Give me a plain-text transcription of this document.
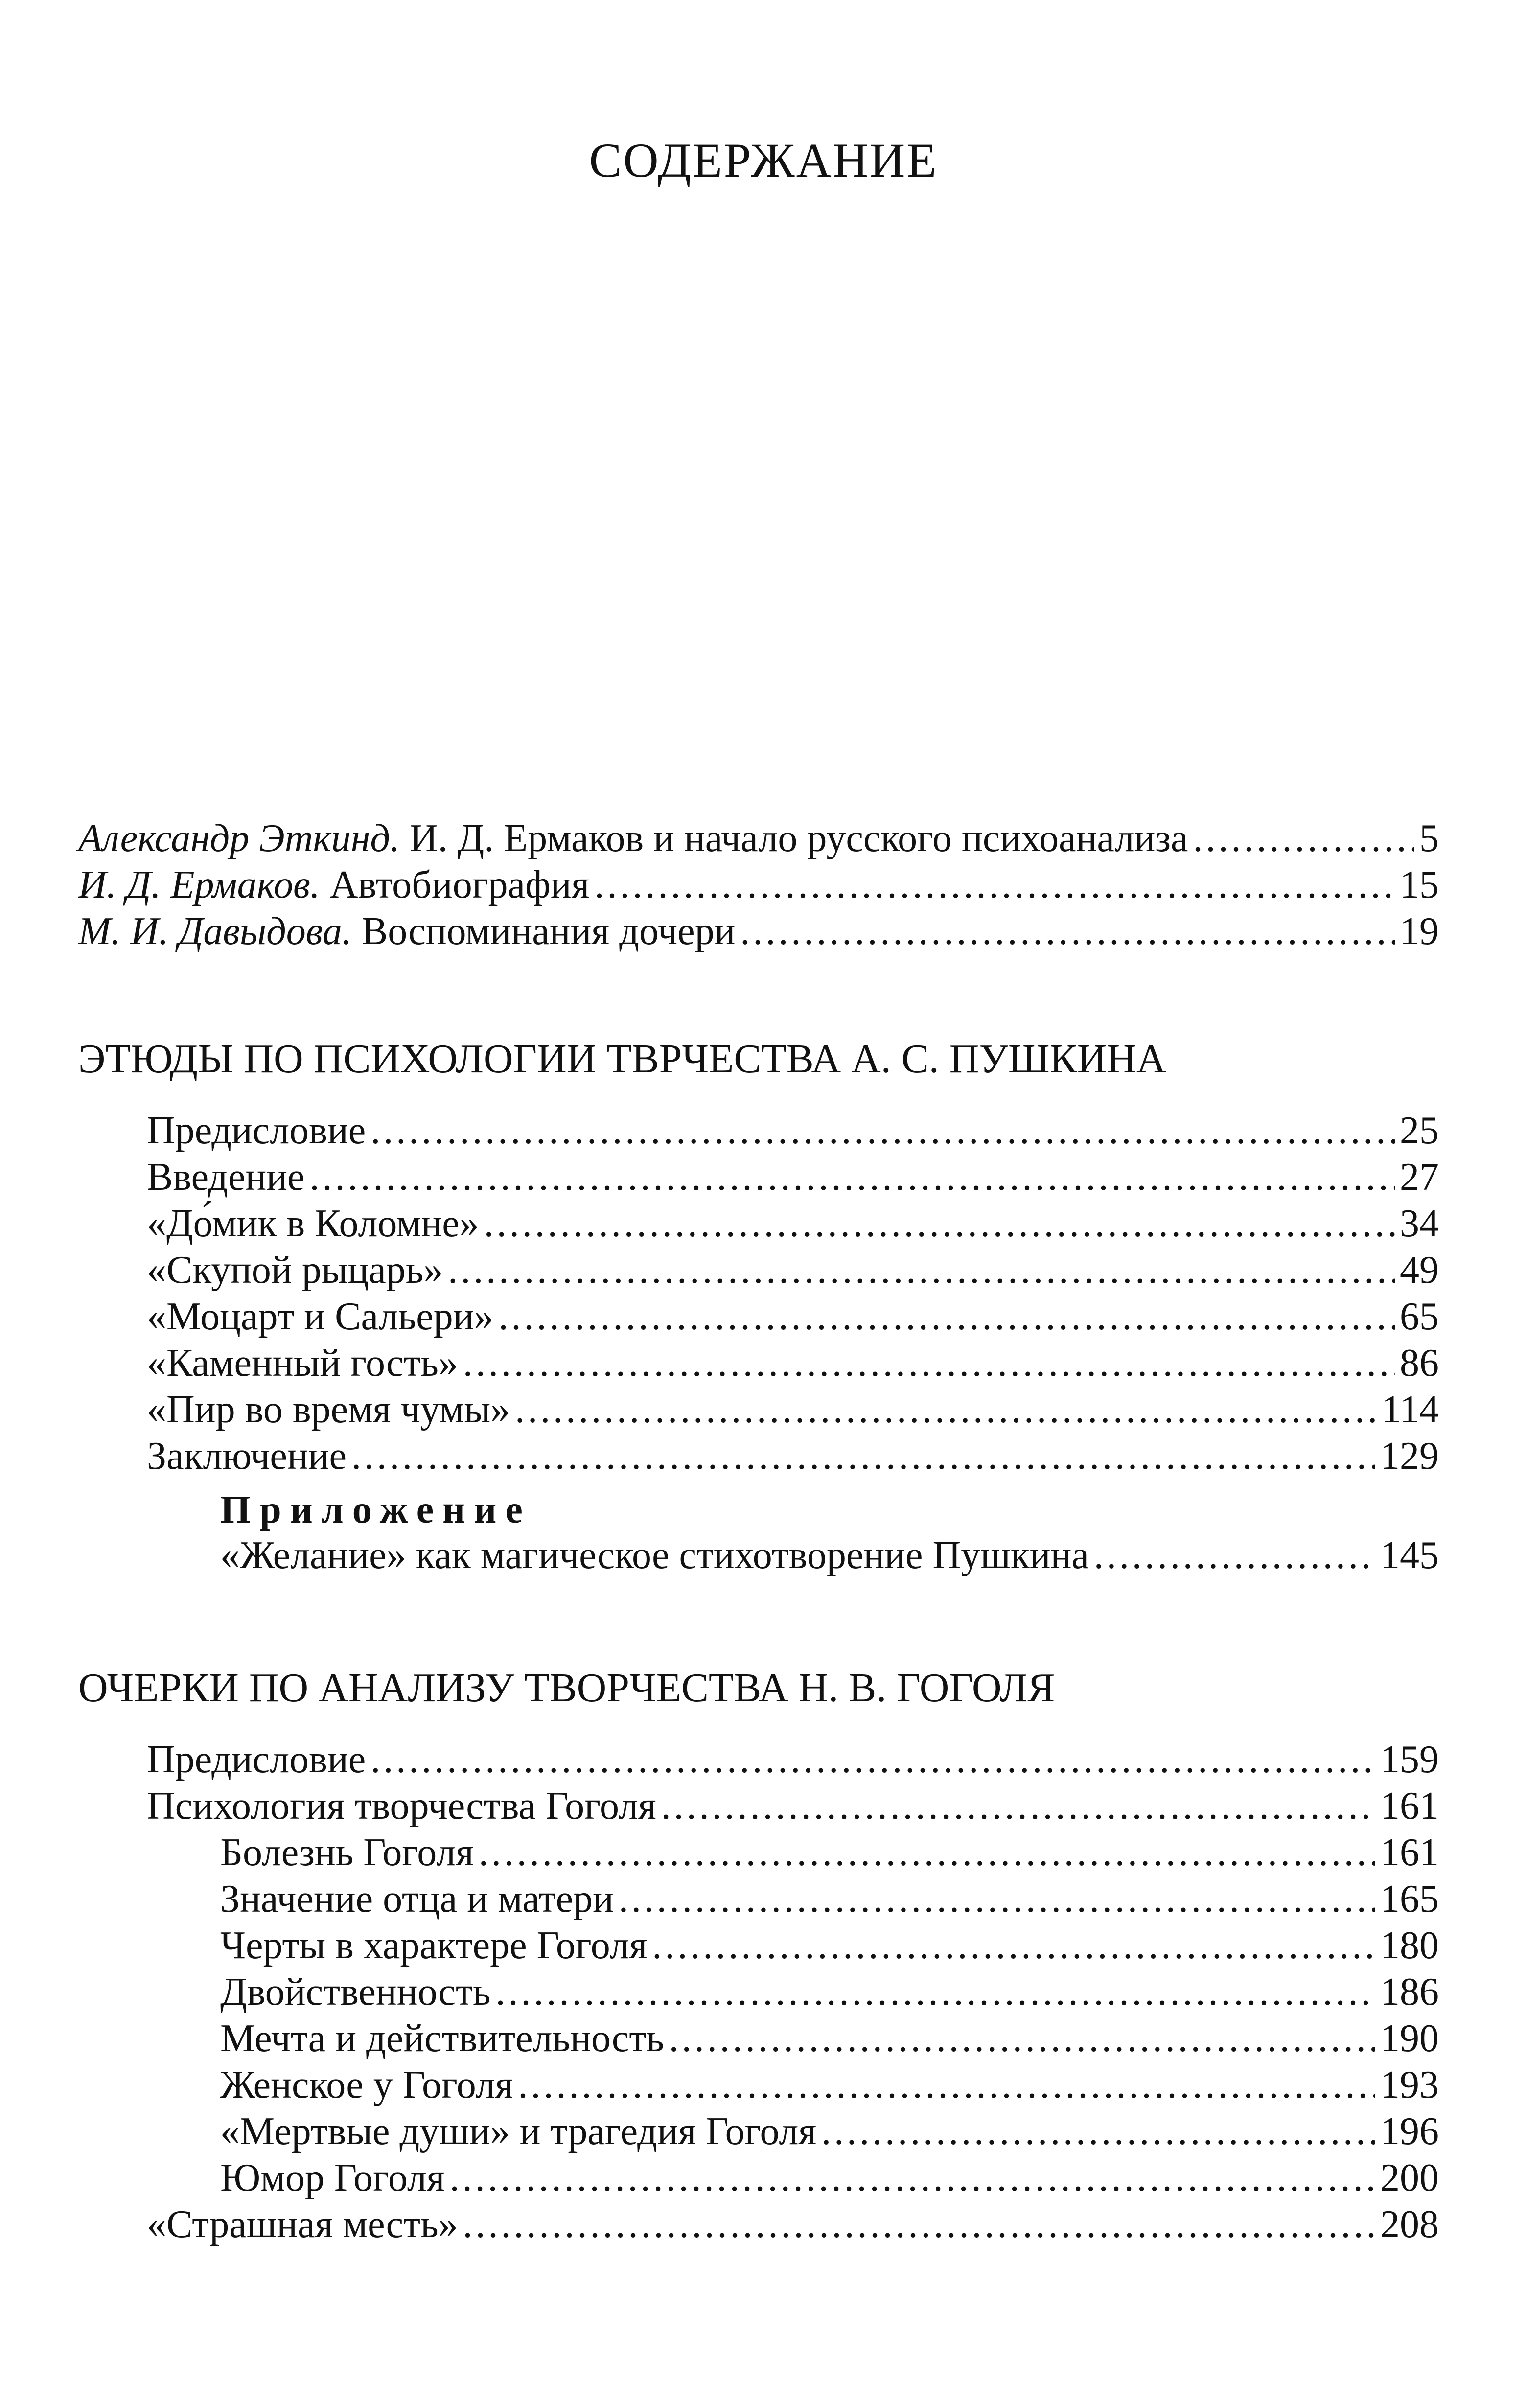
СОДЕРЖАНИЕ
Александр Эткинд. И. Д. Ермаков и начало русского психоанализа .....	5
И. Д. Ермаков. Автобиография .....	15
М. И. Давыдова. Воспоминания дочери .....	19
ЭТЮДЫ ПО ПСИХОЛОГИИ ТВРЧЕСТВА А. С. ПУШКИНА
Предисловие .....	25
Введение .....	27
«До́мик в Коломне» .....	34
«Скупой рыцарь» .....	49
«Моцарт и Сальери» .....	65
«Каменный гость» .....	86
«Пир во время чумы» .....	114
Заключение .....	129
Приложение
«Желание» как магическое стихотворение Пушкина .....	145
ОЧЕРКИ ПО АНАЛИЗУ ТВОРЧЕСТВА Н. В. ГОГОЛЯ
Предисловие .....	159
Психология творчества Гоголя .....	161
Болезнь Гоголя .....	161
Значение отца и матери .....	165
Черты в характере Гоголя .....	180
Двойственность .....	186
Мечта и действительность .....	190
Женское у Гоголя .....	193
«Мертвые души» и трагедия Гоголя .....	196
Юмор Гоголя .....	200
«Страшная месть» .....	208
